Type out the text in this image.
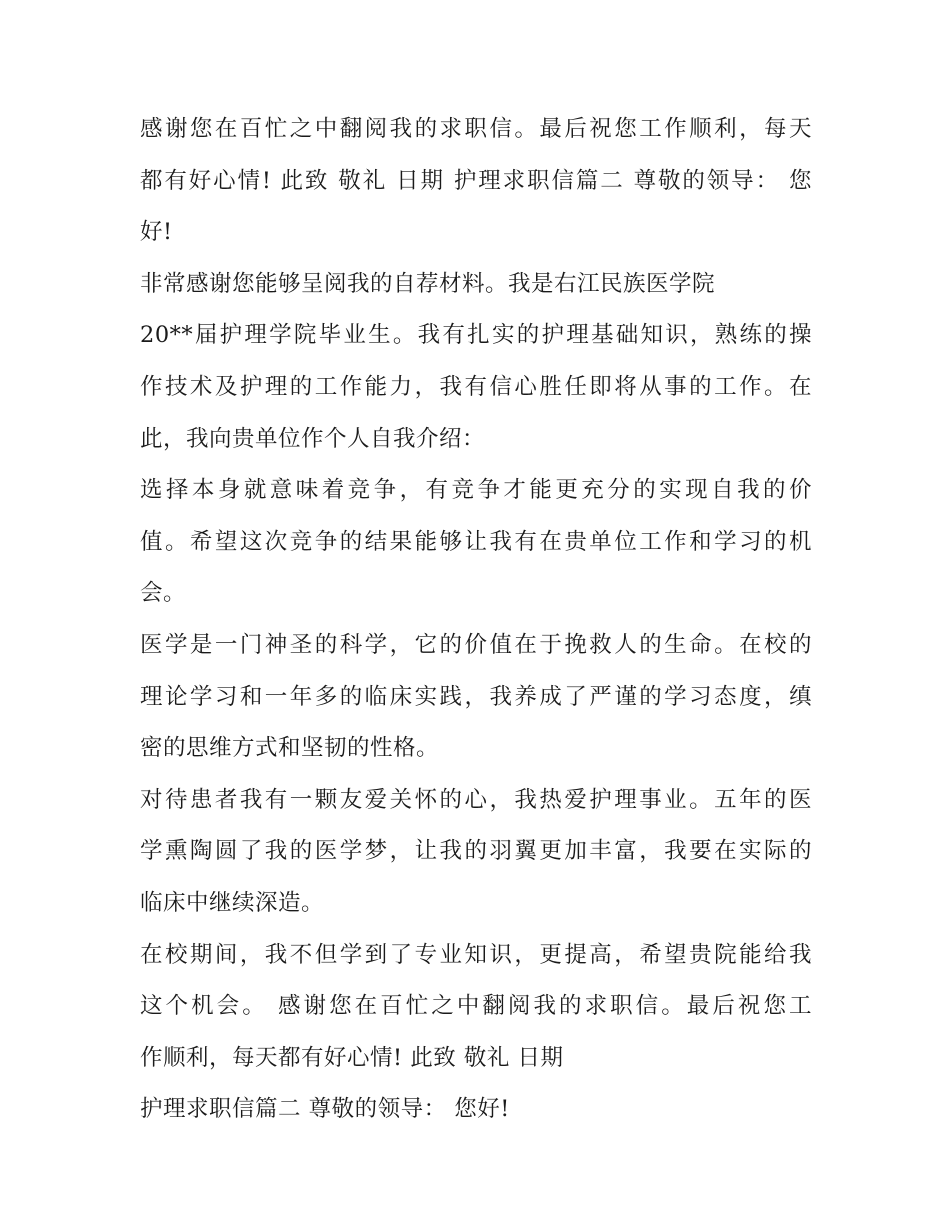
感谢您在百忙之中翻阅我的求职信。最后祝您工作顺利，每天
都有好心情! 此致 敬礼 日期 护理求职信篇二 尊敬的领导： 您
好!
非常感谢您能够呈阅我的自荐材料。我是右江民族医学院
20**届护理学院毕业生。我有扎实的护理基础知识，熟练的操
作技术及护理的工作能力，我有信心胜任即将从事的工作。在
此，我向贵单位作个人自我介绍：
选择本身就意味着竞争，有竞争才能更充分的实现自我的价
值。希望这次竞争的结果能够让我有在贵单位工作和学习的机
会。
医学是一门神圣的科学，它的价值在于挽救人的生命。在校的
理论学习和一年多的临床实践，我养成了严谨的学习态度，缜
密的思维方式和坚韧的性格。
对待患者我有一颗友爱关怀的心，我热爱护理事业。五年的医
学熏陶圆了我的医学梦，让我的羽翼更加丰富，我要在实际的
临床中继续深造。
在校期间，我不但学到了专业知识，更提高，希望贵院能给我
这个机会。 感谢您在百忙之中翻阅我的求职信。最后祝您工
作顺利，每天都有好心情! 此致 敬礼 日期
护理求职信篇二 尊敬的领导： 您好!
